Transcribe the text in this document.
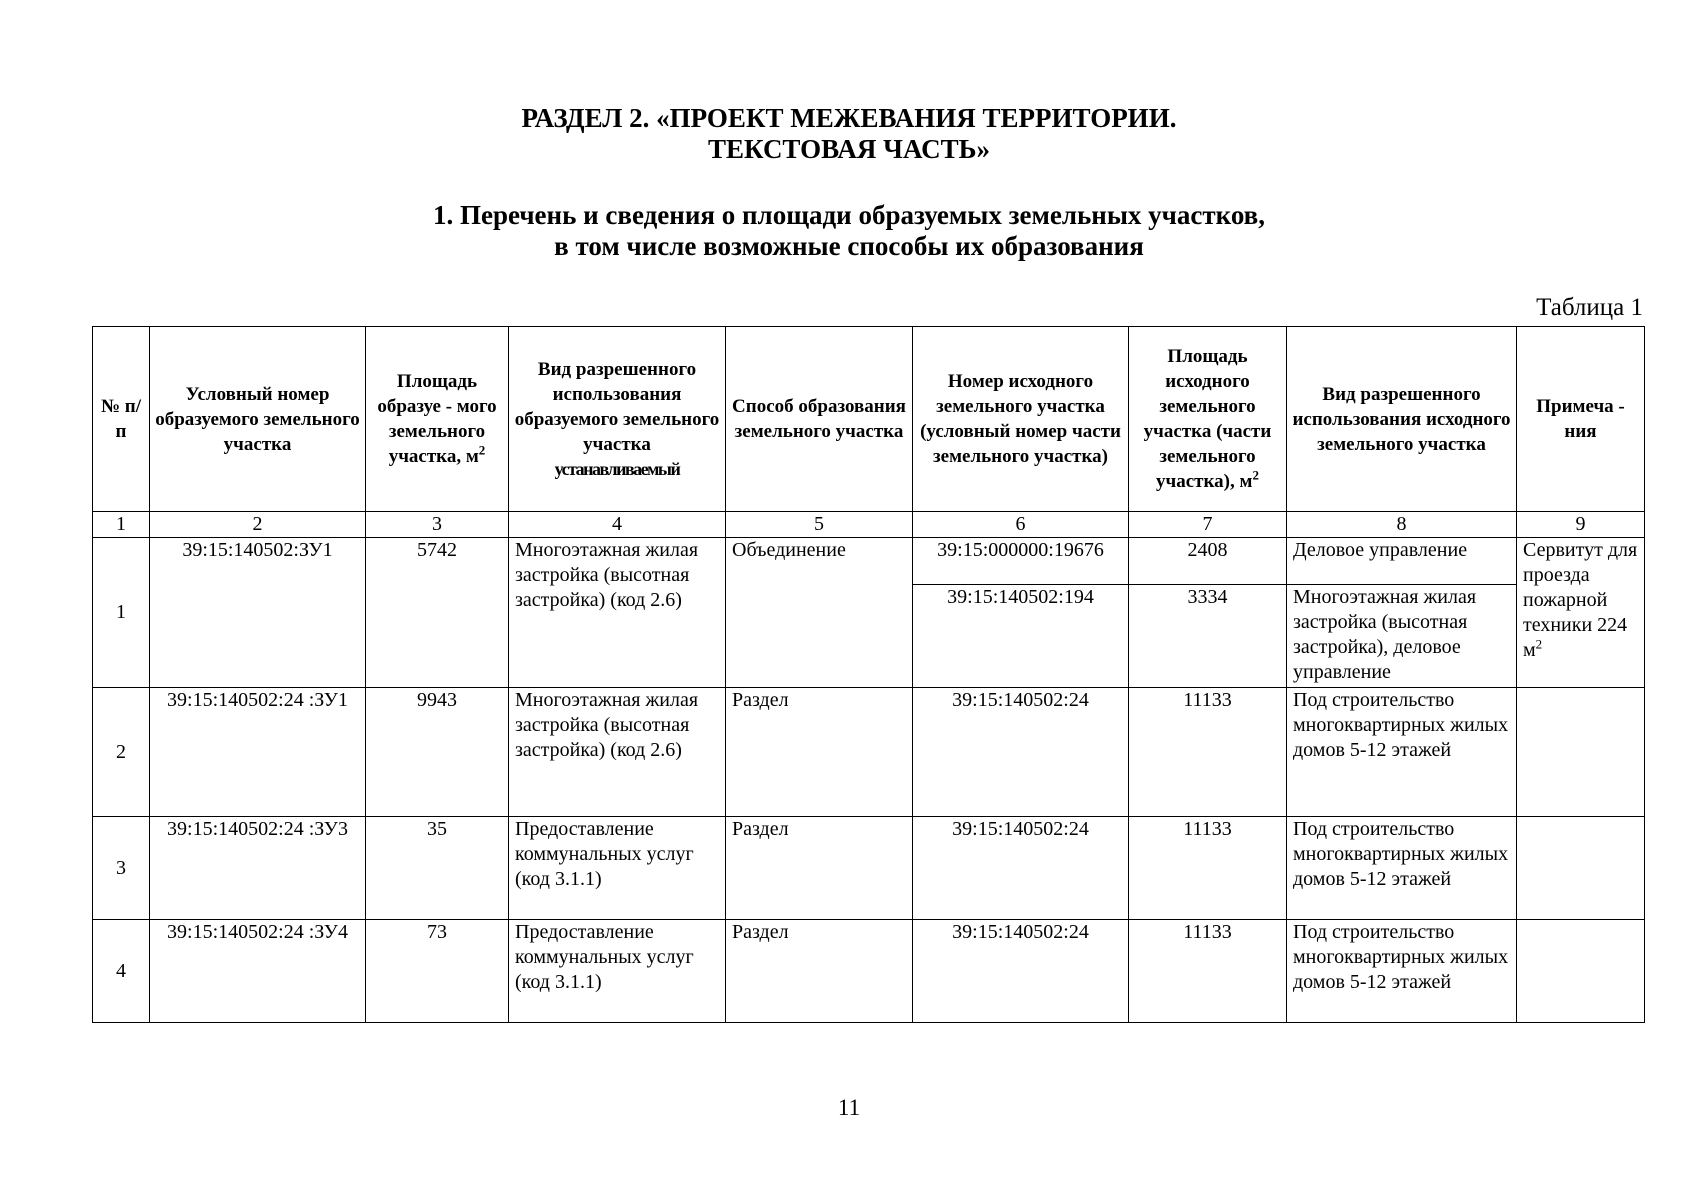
РАЗДЕЛ 2. «ПРОЕКТ МЕЖЕВАНИЯ ТЕРРИТОРИИ.
ТЕКСТОВАЯ ЧАСТЬ»
1. Перечень и сведения о площади образуемых земельных участков,
в том числе возможные способы их образования
Таблица 1
№ п/п	Условный номер образуемого земельного участка	Площадь образуе - мого земельного участка, $м^2$	Вид разрешенного использования образуемого земельного участка
устанавливаемый	Способ образования земельного участка	Номер исходного земельного участка (условный номер части земельного участка)	Площадь исходного земельного участка (части земельного участка), $м^2$	Вид разрешенного использования исходного земельного участка	Примеча - ния
1	2	3	4	5	6	7	8	9
1	39:15:140502:ЗУ1	5742	Многоэтажная жилая застройка (высотная застройка) (код 2.6)	Объединение	39:15:000000:19676	2408	Деловое управление	Сервитут для проезда пожарной техники 224 $м^2$
					39:15:140502:194	3334	Многоэтажная жилая застройка (высотная застройка), деловое управление	
2	39:15:140502:24 :ЗУ1	9943	Многоэтажная жилая застройка (высотная застройка) (код 2.6)	Раздел	39:15:140502:24	11133	Под строительство многоквартирных жилых домов 5-12 этажей	
3	39:15:140502:24 :ЗУ3	35	Предоставление коммунальных услуг (код 3.1.1)	Раздел	39:15:140502:24	11133	Под строительство многоквартирных жилых домов 5-12 этажей	
4	39:15:140502:24 :ЗУ4	73	Предоставление коммунальных услуг (код 3.1.1)	Раздел	39:15:140502:24	11133	Под строительство многоквартирных жилых домов 5-12 этажей	
11
